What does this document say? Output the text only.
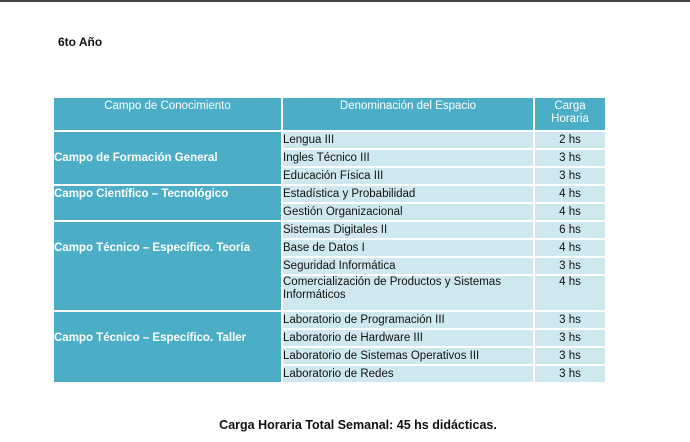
6to Año
Campo de Conocimiento	Denominación del Espacio	Carga Horaria
Campo de Formación General	Lengua III	2 hs
	Ingles Técnico III	3 hs
	Educación Física III	3 hs
Campo Científico – Tecnológico	Estadística y Probabilidad	4 hs
	Gestión Organizacional	4 hs
Campo Técnico – Específico. Teoría	Sistemas Digitales II	6 hs
	Base de Datos I	4 hs
	Seguridad Informática	3 hs
	Comercialización de Productos y Sistemas Informáticos	4 hs
Campo Técnico – Específico. Taller	Laboratorio de Programación III	3 hs
	Laboratorio de Hardware III	3 hs
	Laboratorio de Sistemas Operativos III	3 hs
	Laboratorio de Redes	3 hs
Carga Horaria Total Semanal: 45 hs didácticas.
